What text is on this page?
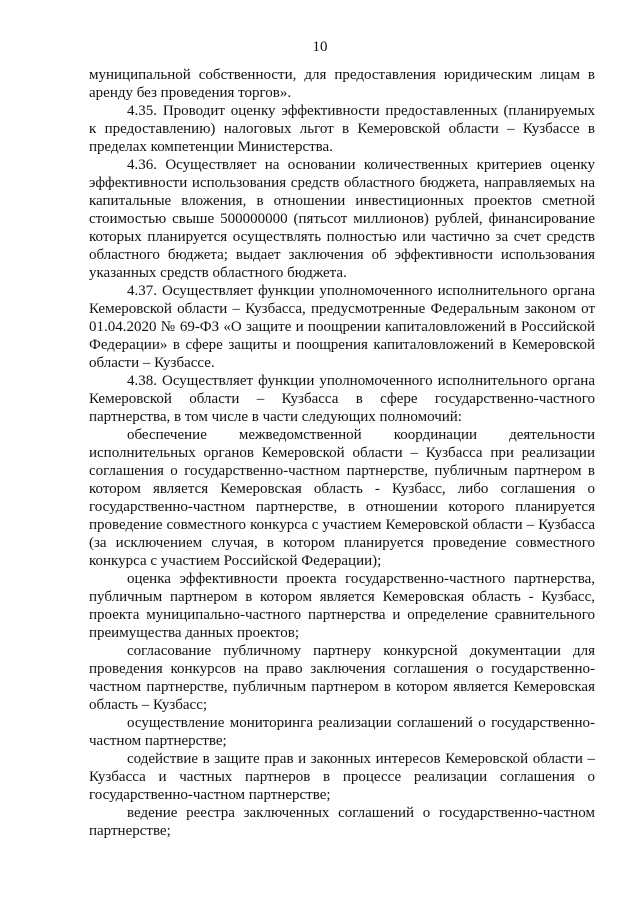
10

муниципальной собственности, для предоставления юридическим лицам в аренду без проведения торгов».

4.35. Проводит оценку эффективности предоставленных (планируемых к предоставлению) налоговых льгот в Кемеровской области – Кузбассе в пределах компетенции Министерства.

4.36. Осуществляет на основании количественных критериев оценку эффективности использования средств областного бюджета, направляемых на капитальные вложения, в отношении инвестиционных проектов сметной стоимостью свыше 500000000 (пятьсот миллионов) рублей, финансирование которых планируется осуществлять полностью или частично за счет средств областного бюджета; выдает заключения об эффективности использования указанных средств областного бюджета.

4.37. Осуществляет функции уполномоченного исполнительного органа Кемеровской области – Кузбасса, предусмотренные Федеральным законом от 01.04.2020 № 69-ФЗ «О защите и поощрении капиталовложений в Российской Федерации» в сфере защиты и поощрения капиталовложений в Кемеровской области – Кузбассе.

4.38. Осуществляет функции уполномоченного исполнительного органа Кемеровской области – Кузбасса в сфере государственно-частного партнерства, в том числе в части следующих полномочий:

обеспечение межведомственной координации деятельности исполнительных органов Кемеровской области – Кузбасса при реализации соглашения о государственно-частном партнерстве, публичным партнером в котором является Кемеровская область - Кузбасс, либо соглашения о государственно-частном партнерстве, в отношении которого планируется проведение совместного конкурса с участием Кемеровской области – Кузбасса (за исключением случая, в котором планируется проведение совместного конкурса с участием Российской Федерации);

оценка эффективности проекта государственно-частного партнерства, публичным партнером в котором является Кемеровская область - Кузбасс, проекта муниципально-частного партнерства и определение сравнительного преимущества данных проектов;

согласование публичному партнеру конкурсной документации для проведения конкурсов на право заключения соглашения о государственно-частном партнерстве, публичным партнером в котором является Кемеровская область – Кузбасс;

осуществление мониторинга реализации соглашений о государственно-частном партнерстве;

содействие в защите прав и законных интересов Кемеровской области – Кузбасса и частных партнеров в процессе реализации соглашения о государственно-частном партнерстве;

ведение реестра заключенных соглашений о государственно-частном партнерстве;
